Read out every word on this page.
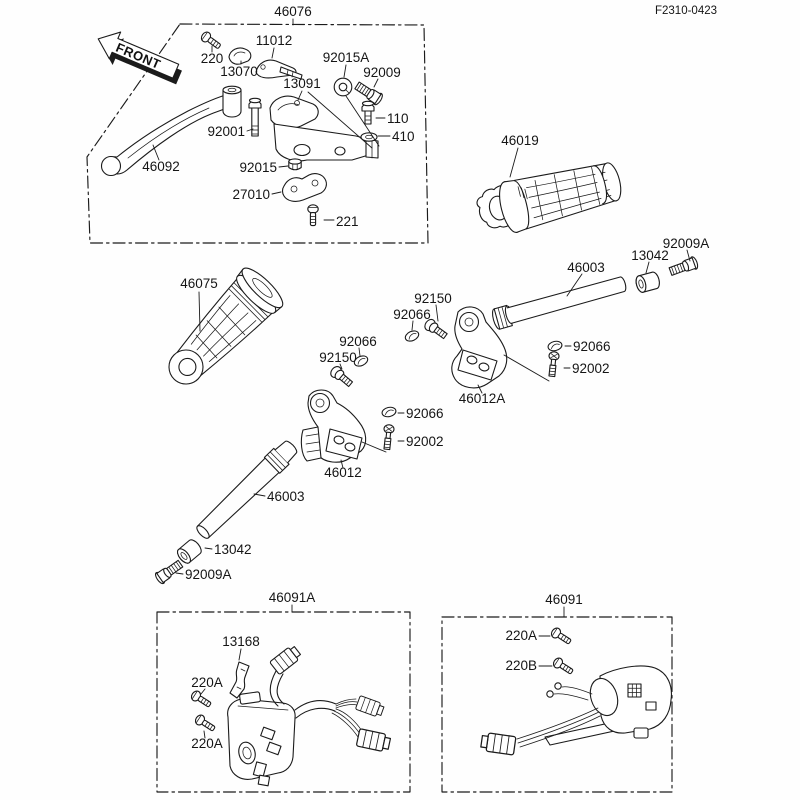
46076
FRONT	220
11012
13070
92015A
92009
13091
92001
110
410
92015
27010
221
46092
F2310-0423
46019
92009A
13042
46003
92150
92066
92066
92002
46012A
92066
92150
92066
92002
46012
46075
46003
13042
92009A
46091A
13168
220A
220A
46091
220A
220B
